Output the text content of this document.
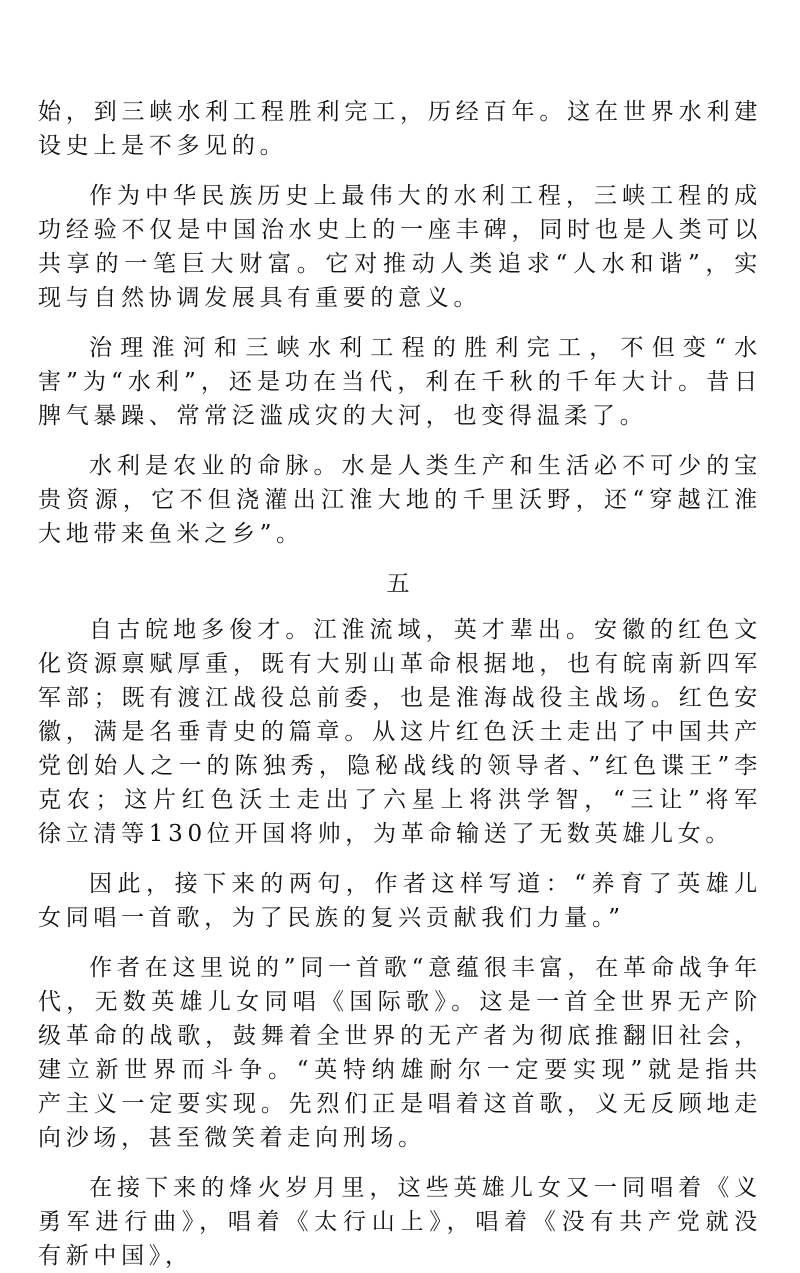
始，到三峡水利工程胜利完工，历经百年。这在世界水利建设史上是不多见的。

作为中华民族历史上最伟大的水利工程，三峡工程的成功经验不仅是中国治水史上的一座丰碑，同时也是人类可以共享的一笔巨大财富。它对推动人类追求“人水和谐”，实现与自然协调发展具有重要的意义。

治理淮河和三峡水利工程的胜利完工，不但变“水害”为“水利”，还是功在当代，利在千秋的千年大计。昔日脾气暴躁、常常泛滥成灾的大河，也变得温柔了。

水利是农业的命脉。水是人类生产和生活必不可少的宝贵资源，它不但浇灌出江淮大地的千里沃野，还“穿越江淮大地带来鱼米之乡”。

五

自古皖地多俊才。江淮流域，英才辈出。安徽的红色文化资源禀赋厚重，既有大别山革命根据地，也有皖南新四军军部；既有渡江战役总前委，也是淮海战役主战场。红色安徽，满是名垂青史的篇章。从这片红色沃土走出了中国共产党创始人之一的陈独秀，隐秘战线的领导者、”红色谍王”李克农；这片红色沃土走出了六星上将洪学智，“三让”将军徐立清等130位开国将帅，为革命输送了无数英雄儿女。

因此，接下来的两句，作者这样写道：“养育了英雄儿女同唱一首歌，为了民族的复兴贡献我们力量。”

作者在这里说的”同一首歌“意蕴很丰富，在革命战争年代，无数英雄儿女同唱《国际歌》。这是一首全世界无产阶级革命的战歌，鼓舞着全世界的无产者为彻底推翻旧社会，建立新世界而斗争。“英特纳雄耐尔一定要实现”就是指共产主义一定要实现。先烈们正是唱着这首歌，义无反顾地走向沙场，甚至微笑着走向刑场。

在接下来的烽火岁月里，这些英雄儿女又一同唱着《义勇军进行曲》，唱着《太行山上》，唱着《没有共产党就没有新中国》，
